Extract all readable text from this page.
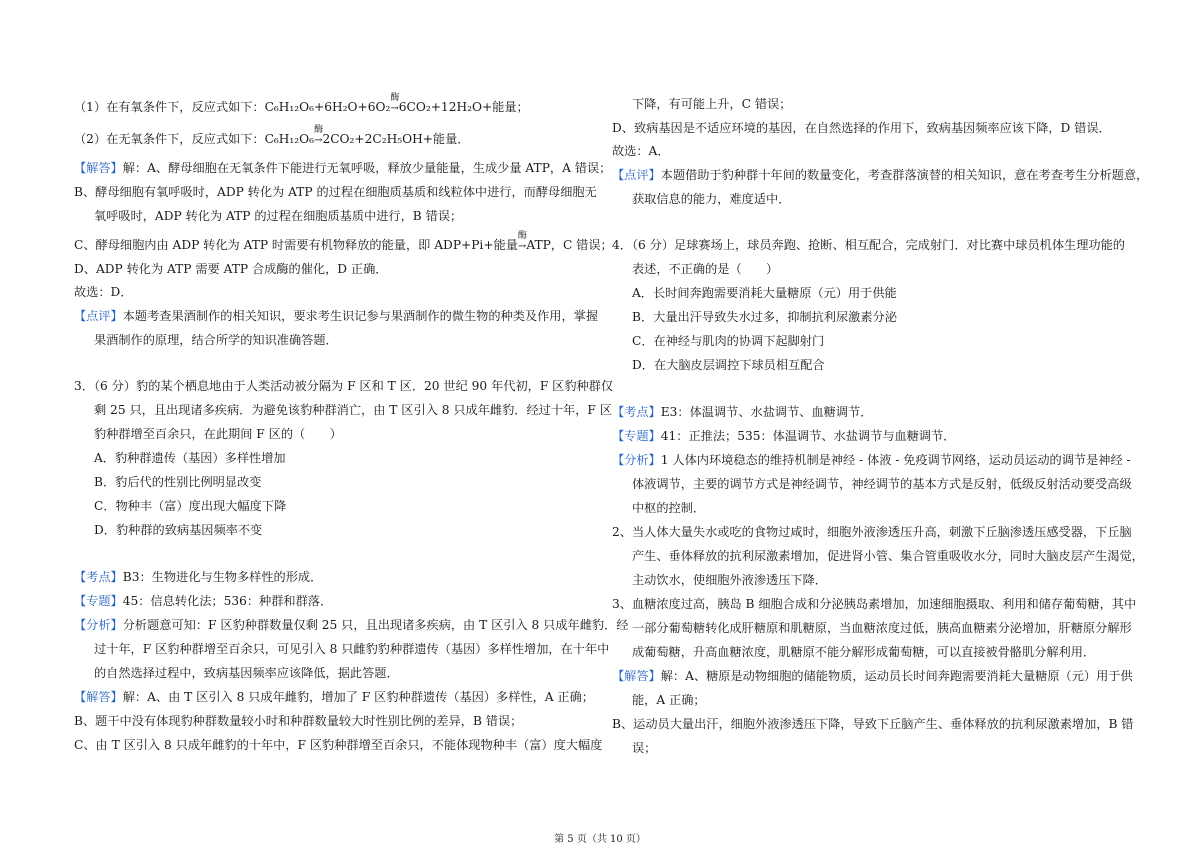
（1）在有氧条件下，反应式如下：C₆H₁₂O₆+6H₂O+6O₂
酶
→6CO₂+12H₂O+能量；
（2）在无氧条件下，反应式如下：C₆H₁₂O₆
酶
→2CO₂+2C₂H₅OH+能量．
【解答】解：A、酵母细胞在无氧条件下能进行无氧呼吸，释放少量能量，生成少量 ATP，A 错误；
B、酵母细胞有氧呼吸时，ADP 转化为 ATP 的过程在细胞质基质和线粒体中进行，而酵母细胞无
氧呼吸时，ADP 转化为 ATP 的过程在细胞质基质中进行，B 错误；
C、酵母细胞内由 ADP 转化为 ATP 时需要有机物释放的能量，即 ADP+Pi+能量
酶
→ATP，C 错误；
D、ADP 转化为 ATP 需要 ATP 合成酶的催化，D 正确．
故选：D．
【点评】本题考查果酒制作的相关知识，要求考生识记参与果酒制作的微生物的种类及作用，掌握
果酒制作的原理，结合所学的知识准确答题．
3．（6 分）豹的某个栖息地由于人类活动被分隔为 F 区和 T 区．20 世纪 90 年代初，F 区豹种群仅
剩 25 只，且出现诸多疾病．为避免该豹种群消亡，由 T 区引入 8 只成年雌豹．经过十年，F 区
豹种群增至百余只，在此期间 F 区的（　　）
A．豹种群遗传（基因）多样性增加
B．豹后代的性别比例明显改变
C．物种丰（富）度出现大幅度下降
D．豹种群的致病基因频率不变
【考点】B3：生物进化与生物多样性的形成．
【专题】45：信息转化法；536：种群和群落．
【分析】分析题意可知：F 区豹种群数量仅剩 25 只，且出现诸多疾病，由 T 区引入 8 只成年雌豹．经
过十年，F 区豹种群增至百余只，可见引入 8 只雌豹豹种群遗传（基因）多样性增加，在十年中
的自然选择过程中，致病基因频率应该降低，据此答题．
【解答】解：A、由 T 区引入 8 只成年雌豹，增加了 F 区豹种群遗传（基因）多样性，A 正确；
B、题干中没有体现豹种群数量较小时和种群数量较大时性别比例的差异，B 错误；
C、由 T 区引入 8 只成年雌豹的十年中，F 区豹种群增至百余只，不能体现物种丰（富）度大幅度
下降，有可能上升，C 错误；
D、致病基因是不适应环境的基因，在自然选择的作用下，致病基因频率应该下降，D 错误．
故选：A．
【点评】本题借助于豹种群十年间的数量变化，考查群落演替的相关知识，意在考查考生分析题意，
获取信息的能力，难度适中．
4．（6 分）足球赛场上，球员奔跑、抢断、相互配合，完成射门．对比赛中球员机体生理功能的
表述，不正确的是（　　）
A．长时间奔跑需要消耗大量糖原（元）用于供能
B．大量出汗导致失水过多，抑制抗利尿激素分泌
C．在神经与肌肉的协调下起脚射门
D．在大脑皮层调控下球员相互配合
【考点】E3：体温调节、水盐调节、血糖调节．
【专题】41：正推法；535：体温调节、水盐调节与血糖调节．
【分析】1 人体内环境稳态的维持机制是神经 - 体液 - 免疫调节网络，运动员运动的调节是神经 -
体液调节，主要的调节方式是神经调节，神经调节的基本方式是反射，低级反射活动要受高级
中枢的控制．
2、当人体大量失水或吃的食物过咸时，细胞外液渗透压升高，刺激下丘脑渗透压感受器，下丘脑
产生、垂体释放的抗利尿激素增加，促进肾小管、集合管重吸收水分，同时大脑皮层产生渴觉，
主动饮水，使细胞外液渗透压下降．
3、血糖浓度过高，胰岛 B 细胞合成和分泌胰岛素增加，加速细胞摄取、利用和储存葡萄糖，其中
一部分葡萄糖转化成肝糖原和肌糖原，当血糖浓度过低，胰高血糖素分泌增加，肝糖原分解形
成葡萄糖，升高血糖浓度，肌糖原不能分解形成葡萄糖，可以直接被骨骼肌分解利用．
【解答】解：A、糖原是动物细胞的储能物质，运动员长时间奔跑需要消耗大量糖原（元）用于供
能，A 正确；
B、运动员大量出汗，细胞外液渗透压下降，导致下丘脑产生、垂体释放的抗利尿激素增加，B 错
误；
第 5 页（共 10 页）
